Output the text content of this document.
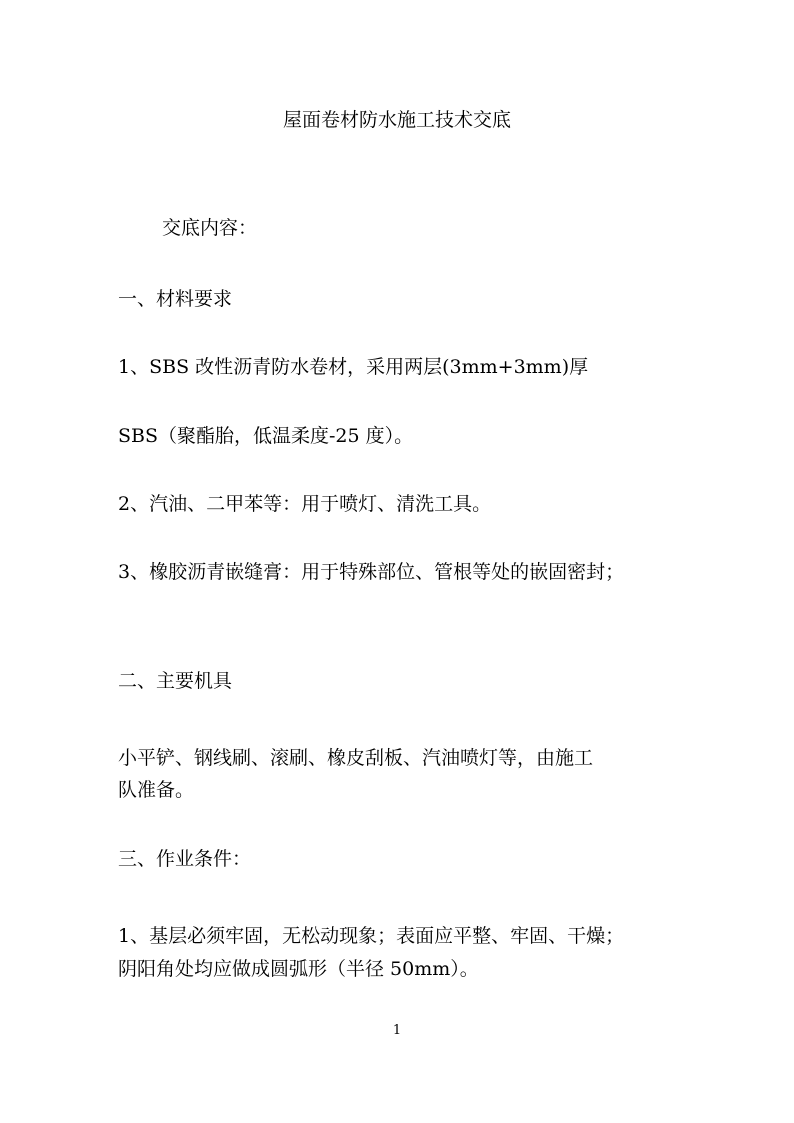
屋面卷材防水施工技术交底
交底内容：
一、材料要求
1、SBS 改性沥青防水卷材，采用两层(3mm+3mm)厚
SBS（聚酯胎，低温柔度-25 度）。
2、汽油、二甲苯等：用于喷灯、清洗工具。
3、橡胶沥青嵌缝膏：用于特殊部位、管根等处的嵌固密封；
二、主要机具
小平铲、钢线刷、滚刷、橡皮刮板、汽油喷灯等，由施工
队准备。
三、作业条件：
1、基层必须牢固，无松动现象；表面应平整、牢固、干燥；
阴阳角处均应做成圆弧形（半径 50mm）。
1
